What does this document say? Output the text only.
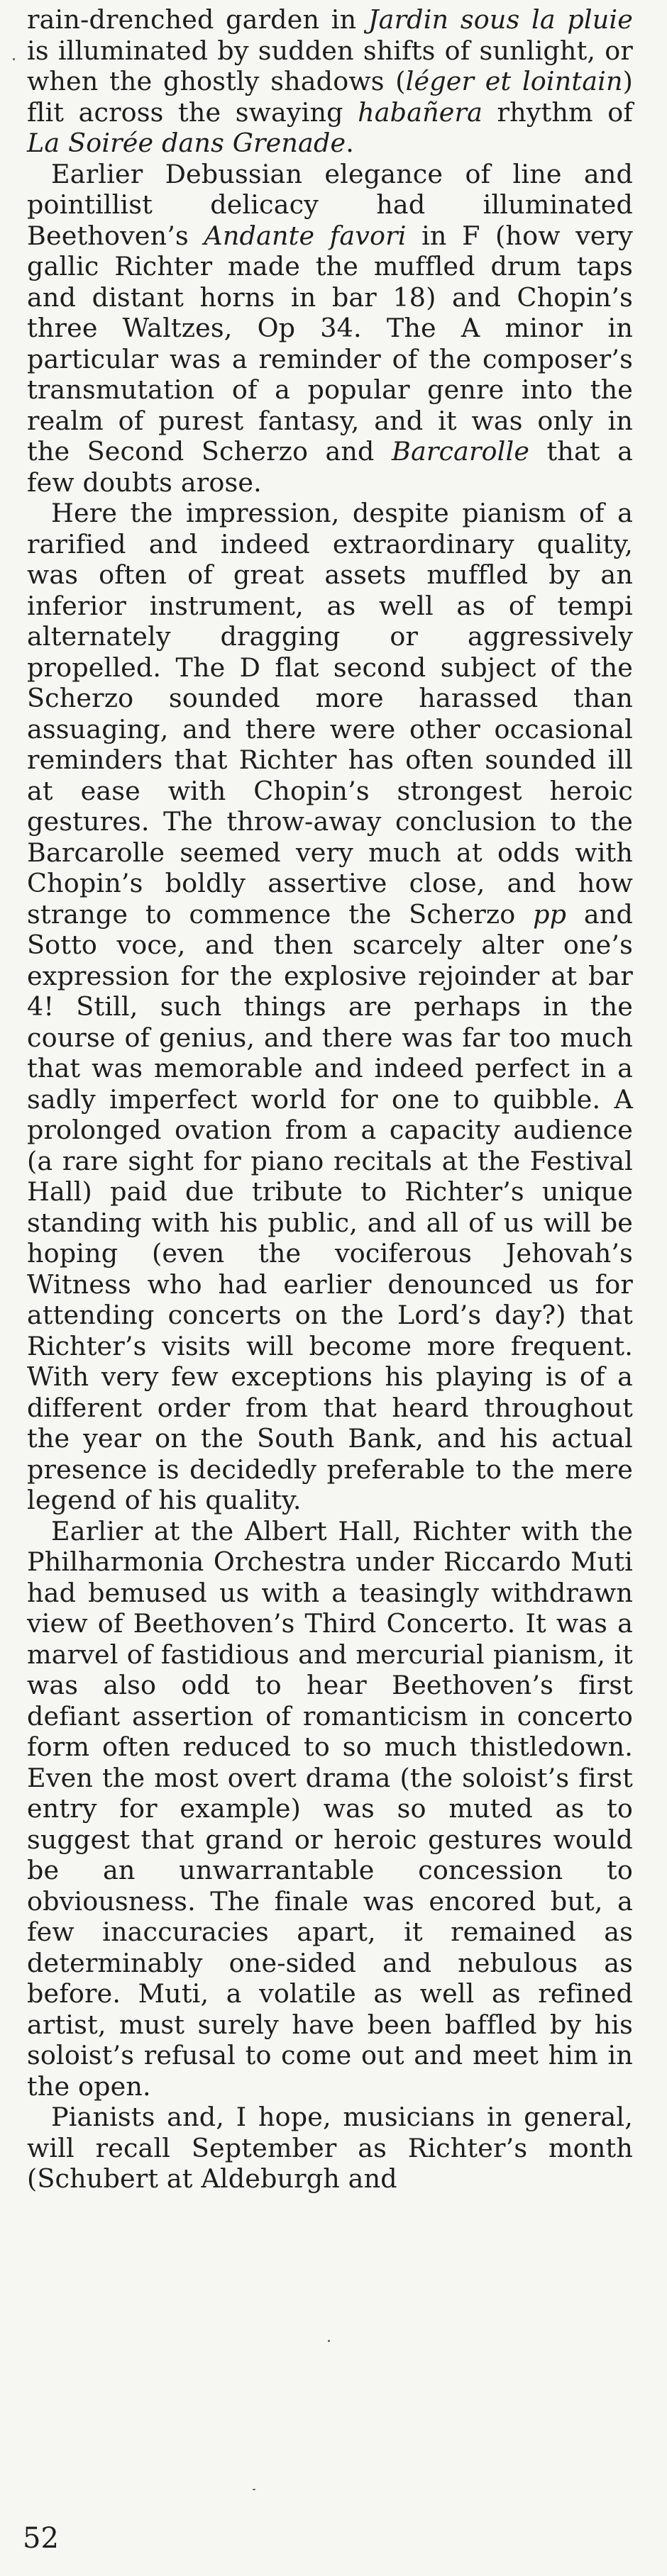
rain-drenched garden in Jardin sous la pluie is illuminated by sudden shifts of sunlight, or when the ghostly shadows (léger et lointain) flit across the swaying habañera rhythm of La Soirée dans Grenade.

Earlier Debussian elegance of line and pointillist delicacy had illuminated Beethoven’s Andante favori in F (how very gallic Richter made the muffled drum taps and distant horns in bar 18) and Chopin’s three Waltzes, Op 34. The A minor in particular was a reminder of the composer’s transmutation of a popular genre into the realm of purest fantasy, and it was only in the Second Scherzo and Barcarolle that a few doubts arose.

Here the impression, despite pianism of a rarified and indeed extraordinary quality, was often of great assets muffled by an inferior instrument, as well as of tempi alternately dragging or aggressively propelled. The D flat second subject of the Scherzo sounded more harassed than assuaging, and there were other occasional reminders that Richter has often sounded ill at ease with Chopin’s strongest heroic gestures. The throw-away conclusion to the Barcarolle seemed very much at odds with Chopin’s boldly assertive close, and how strange to commence the Scherzo pp and Sotto voce, and then scarcely alter one’s expression for the explosive rejoinder at bar 4! Still, such things are perhaps in the course of genius, and there was far too much that was memorable and indeed perfect in a sadly imperfect world for one to quibble. A prolonged ovation from a capacity audience (a rare sight for piano recitals at the Festival Hall) paid due tribute to Richter’s unique standing with his public, and all of us will be hoping (even the vociferous Jehovah’s Witness who had earlier denounced us for attending concerts on the Lord’s day?) that Richter’s visits will become more frequent. With very few exceptions his playing is of a different order from that heard throughout the year on the South Bank, and his actual presence is decidedly preferable to the mere legend of his quality.

Earlier at the Albert Hall, Richter with the Philharmonia Orchestra under Riccardo Muti had bemused us with a teasingly withdrawn view of Beethoven’s Third Concerto. It was a marvel of fastidious and mercurial pianism, it was also odd to hear Beethoven’s first defiant assertion of romanticism in concerto form often reduced to so much thistledown. Even the most overt drama (the soloist’s first entry for example) was so muted as to suggest that grand or heroic gestures would be an unwarrantable concession to obviousness. The finale was encored but, a few inaccuracies apart, it remained as determinably one-sided and nebulous as before. Muti, a volatile as well as refined artist, must surely have been baffled by his soloist’s refusal to come out and meet him in the open.

Pianists and, I hope, musicians in general, will recall September as Richter’s month (Schubert at Aldeburgh and

52
